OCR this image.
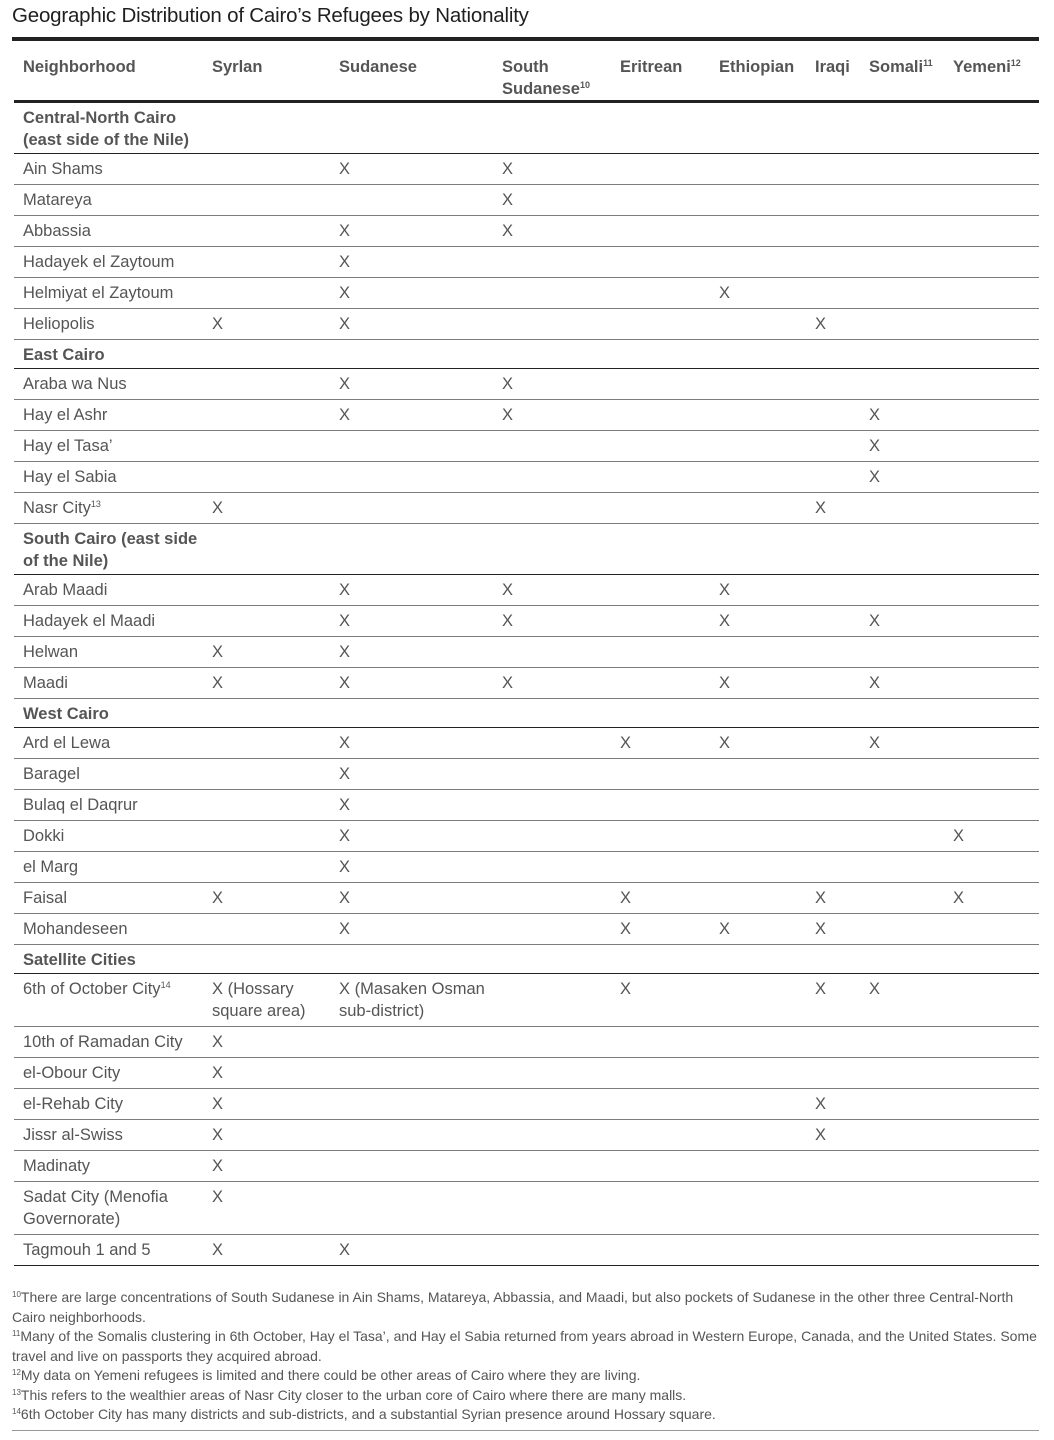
Geographic Distribution of Cairo’s Refugees by Nationality
Neighborhood	Syrlan	Sudanese	South Sudanese$^{10}$	Eritrean	Ethiopian	Iraqi	Somali$^{11}$	Yemeni$^{12}$
Central-North Cairo (east side of the Nile)								
Ain Shams		X	X					
Matareya			X					
Abbassia		X	X					
Hadayek el Zaytoum		X						
Helmiyat el Zaytoum		X			X			
Heliopolis	X	X				X		
East Cairo								
Araba wa Nus		X	X					
Hay el Ashr		X	X				X	
Hay el Tasa’							X	
Hay el Sabia							X	
Nasr City$^{13}$	X					X		
South Cairo (east side of the Nile)								
Arab Maadi		X	X		X			
Hadayek el Maadi		X	X		X		X	
Helwan	X	X						
Maadi	X	X	X		X		X	
West Cairo								
Ard el Lewa		X		X	X		X	
Baragel		X						
Bulaq el Daqrur		X						
Dokki		X						X
el Marg		X						
Faisal	X	X		X		X		X
Mohandeseen		X		X	X	X		
Satellite Cities								
6th of October City$^{14}$	X (Hossary square area)	X (Masaken Osman sub-district)		X		X	X	
10th of Ramadan City	X							
el-Obour City	X							
el-Rehab City	X					X		
Jissr al-Swiss	X					X		
Madinaty	X							
Sadat City (Menofia Governorate)	X							
Tagmouh 1 and 5	X	X						

$^{10}$There are large concentrations of South Sudanese in Ain Shams, Matareya, Abbassia, and Maadi, but also pockets of Sudanese in the other three Central-North Cairo neighborhoods.

$^{11}$Many of the Somalis clustering in 6th October, Hay el Tasa’, and Hay el Sabia returned from years abroad in Western Europe, Canada, and the United States. Some travel and live on passports they acquired abroad.

$^{12}$My data on Yemeni refugees is limited and there could be other areas of Cairo where they are living.

$^{13}$This refers to the wealthier areas of Nasr City closer to the urban core of Cairo where there are many malls.

$^{14}$6th October City has many districts and sub-districts, and a substantial Syrian presence around Hossary square.
